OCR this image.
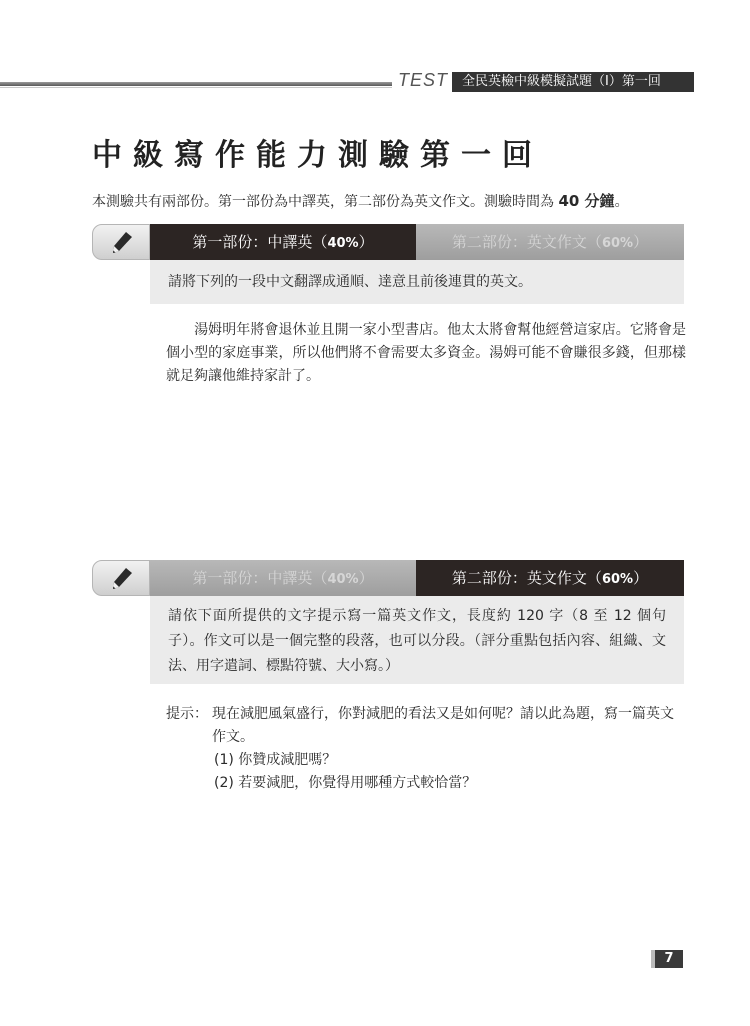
TEST	全民英檢中級模擬試題（Ⅰ）第一回
中級寫作能力測驗第一回
本測驗共有兩部份。第一部份為中譯英，第二部份為英文作文。測驗時間為 40 分鐘。
第一部份：中譯英（40%）	第二部份：英文作文（60%）
請將下列的一段中文翻譯成通順、達意且前後連貫的英文。
　　湯姆明年將會退休並且開一家小型書店。他太太將會幫他經營這家店。它將會是個小型的家庭事業，所以他們將不會需要太多資金。湯姆可能不會賺很多錢，但那樣就足夠讓他維持家計了。
第一部份：中譯英（40%）	第二部份：英文作文（60%）
請依下面所提供的文字提示寫一篇英文作文，長度約 120 字（8 至 12 個句子）。作文可以是一個完整的段落，也可以分段。（評分重點包括內容、組織、文法、用字遣詞、標點符號、大小寫。）
提示： 現在減肥風氣盛行，你對減肥的看法又是如何呢？請以此為題，寫一篇英文作文。
(1) 你贊成減肥嗎？
(2) 若要減肥，你覺得用哪種方式較恰當？
7
